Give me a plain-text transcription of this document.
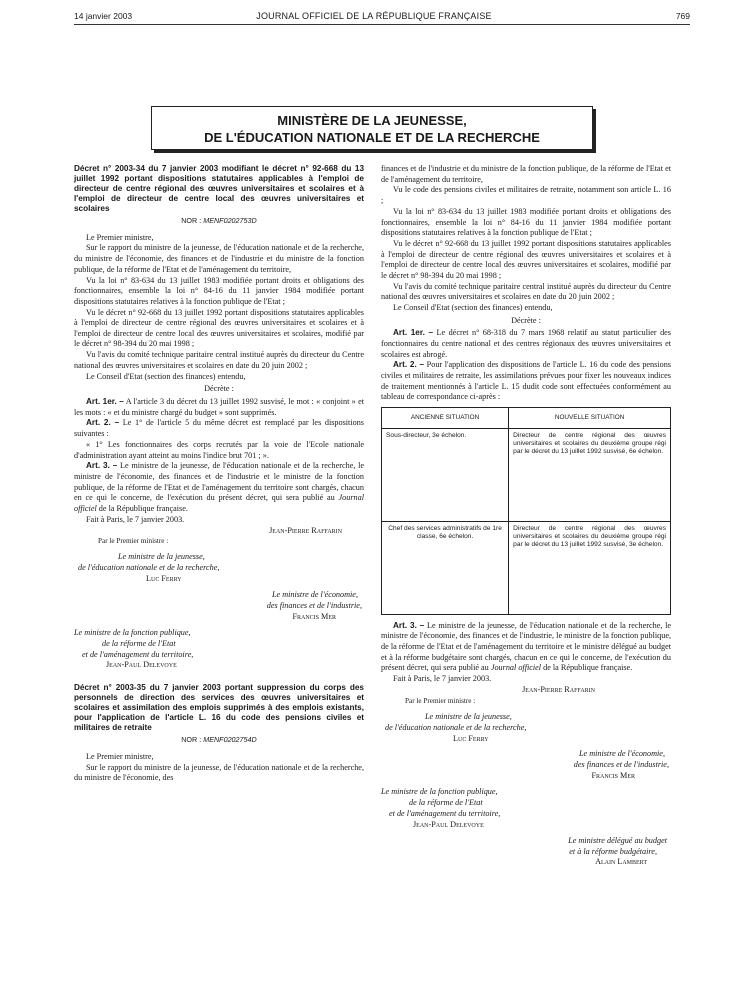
14 janvier 2003	JOURNAL OFFICIEL DE LA RÉPUBLIQUE FRANÇAISE	769
MINISTÈRE DE LA JEUNESSE,
DE L'ÉDUCATION NATIONALE ET DE LA RECHERCHE

Décret n° 2003-34 du 7 janvier 2003 modifiant le décret n° 92-668 du 13 juillet 1992 portant dispositions statutaires applicables à l'emploi de directeur de centre régional des œuvres universitaires et scolaires et à l'emploi de directeur de centre local des œuvres universitaires et scolaires

NOR : MENF0202753D

Le Premier ministre,

Sur le rapport du ministre de la jeunesse, de l'éducation nationale et de la recherche, du ministre de l'économie, des finances et de l'industrie et du ministre de la fonction publique, de la réforme de l'Etat et de l'aménagement du territoire,

Vu la loi n° 83-634 du 13 juillet 1983 modifiée portant droits et obligations des fonctionnaires, ensemble la loi n° 84-16 du 11 janvier 1984 modifiée portant dispositions statutaires relatives à la fonction publique de l'Etat ;

Vu le décret n° 92-668 du 13 juillet 1992 portant dispositions statutaires applicables à l'emploi de directeur de centre régional des œuvres universitaires et scolaires et à l'emploi de directeur de centre local des œuvres universitaires et scolaires, modifié par le décret n° 98-394 du 20 mai 1998 ;

Vu l'avis du comité technique paritaire central institué auprès du directeur du Centre national des œuvres universitaires et scolaires en date du 20 juin 2002 ;

Le Conseil d'Etat (section des finances) entendu,

Décrète :

Art. 1er. – A l'article 3 du décret du 13 juillet 1992 susvisé, le mot : « conjoint » et les mots : « et du ministre chargé du budget » sont supprimés.

Art. 2. – Le 1° de l'article 5 du même décret est remplacé par les dispositions suivantes :

« 1° Les fonctionnaires des corps recrutés par la voie de l'Ecole nationale d'administration ayant atteint au moins l'indice brut 701 ; ».

Art. 3. – Le ministre de la jeunesse, de l'éducation nationale et de la recherche, le ministre de l'économie, des finances et de l'industrie et le ministre de la fonction publique, de la réforme de l'Etat et de l'aménagement du territoire sont chargés, chacun en ce qui le concerne, de l'exécution du présent décret, qui sera publié au Journal officiel de la République française.

Fait à Paris, le 7 janvier 2003.

Jean-Pierre Raffarin

Par le Premier ministre :

Le ministre de la jeunesse,

de l'éducation nationale et de la recherche,

Luc Ferry

Le ministre de l'économie,

des finances et de l'industrie,

Francis Mer

Le ministre de la fonction publique,

de la réforme de l'Etat

et de l'aménagement du territoire,

Jean-Paul Delevoye

Décret n° 2003-35 du 7 janvier 2003 portant suppression du corps des personnels de direction des services des œuvres universitaires et scolaires et assimilation des emplois supprimés à des emplois existants, pour l'application de l'article L. 16 du code des pensions civiles et militaires de retraite

NOR : MENF0202754D

Le Premier ministre,

Sur le rapport du ministre de la jeunesse, de l'éducation nationale et de la recherche, du ministre de l'économie, des

finances et de l'industrie et du ministre de la fonction publique, de la réforme de l'Etat et de l'aménagement du territoire,

Vu le code des pensions civiles et militaires de retraite, notamment son article L. 16 ;

Vu la loi n° 83-634 du 13 juillet 1983 modifiée portant droits et obligations des fonctionnaires, ensemble la loi n° 84-16 du 11 janvier 1984 modifiée portant dispositions statutaires relatives à la fonction publique de l'Etat ;

Vu le décret n° 92-668 du 13 juillet 1992 portant dispositions statutaires applicables à l'emploi de directeur de centre régional des œuvres universitaires et scolaires et à l'emploi de directeur de centre local des œuvres universitaires et scolaires, modifié par le décret n° 98-394 du 20 mai 1998 ;

Vu l'avis du comité technique paritaire central institué auprès du directeur du Centre national des œuvres universitaires et scolaires en date du 20 juin 2002 ;

Le Conseil d'Etat (section des finances) entendu,

Décrète :

Art. 1er. – Le décret n° 68-318 du 7 mars 1968 relatif au statut particulier des fonctionnaires du centre national et des centres régionaux des œuvres universitaires et scolaires est abrogé.

Art. 2. – Pour l'application des dispositions de l'article L. 16 du code des pensions civiles et militaires de retraite, les assimilations prévues pour fixer les nouveaux indices de traitement mentionnés à l'article L. 15 dudit code sont effectuées conformément au tableau de correspondance ci-après :

ANCIENNE SITUATION	NOUVELLE SITUATION
Sous-directeur, 3e échelon.	Directeur de centre régional des œuvres universitaires et scolaires du deuxième groupe régi par le décret du 13 juillet 1992 susvisé, 6e échelon.
Chef des services administratifs de 1re classe, 6e échelon.	Directeur de centre régional des œuvres universitaires et scolaires du deuxième groupe régi par le décret du 13 juillet 1992 susvisé, 3e échelon.

Art. 3. – Le ministre de la jeunesse, de l'éducation nationale et de la recherche, le ministre de l'économie, des finances et de l'industrie, le ministre de la fonction publique, de la réforme de l'Etat et de l'aménagement du territoire et le ministre délégué au budget et à la réforme budgétaire sont chargés, chacun en ce qui le concerne, de l'exécution du présent décret, qui sera publié au Journal officiel de la République française.

Fait à Paris, le 7 janvier 2003.

Jean-Pierre Raffarin

Par le Premier ministre :

Le ministre de la jeunesse,

de l'éducation nationale et de la recherche,

Luc Ferry

Le ministre de l'économie,

des finances et de l'industrie,

Francis Mer

Le ministre de la fonction publique,

de la réforme de l'Etat

et de l'aménagement du territoire,

Jean-Paul Delevoye

Le ministre délégué au budget

et à la réforme budgétaire,

Alain Lambert
